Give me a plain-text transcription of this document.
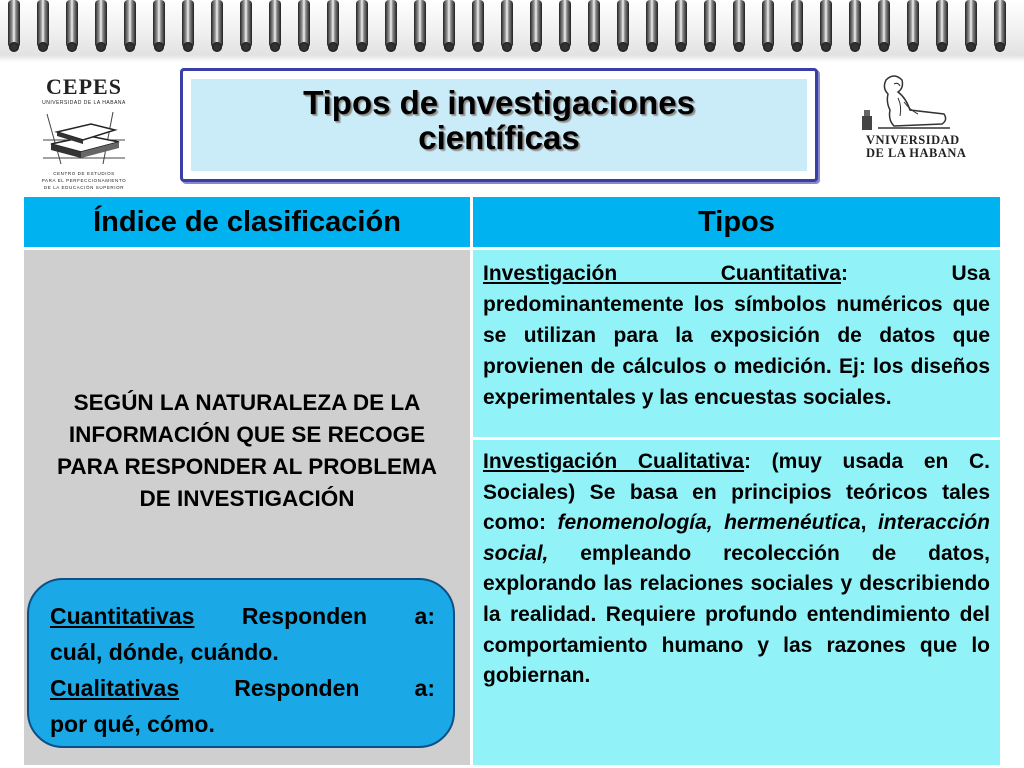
CEPES
UNIVERSIDAD DE LA HABANA
CENTRO DE ESTUDIOS
PARA EL PERFECCIONAMIENTO
DE LA EDUCACIÓN SUPERIOR
VNIVERSIDAD
DE LA HABANA
Tipos de investigaciones
científicas
Índice de clasificación	Tipos
SEGÚN LA NATURALEZA DE LA INFORMACIÓN QUE SE RECOGE PARA RESPONDER AL PROBLEMA DE INVESTIGACIÓN
Cuantitativas Responden a:
cuál, dónde, cuándo.
Cualitativas Responden a:
por qué, cómo.

Investigación Cuantitativa: Usa predominantemente los símbolos numéricos que se utilizan para la exposición de datos que provienen de cálculos o medición. Ej: los diseños experimentales y las encuestas sociales.

Investigación Cualitativa: (muy usada en C. Sociales) Se basa en principios teóricos tales como: fenomenología, hermenéutica, interacción social, empleando recolección de datos, explorando las relaciones sociales y describiendo la realidad. Requiere profundo entendimiento del comportamiento humano y las razones que lo gobiernan.
